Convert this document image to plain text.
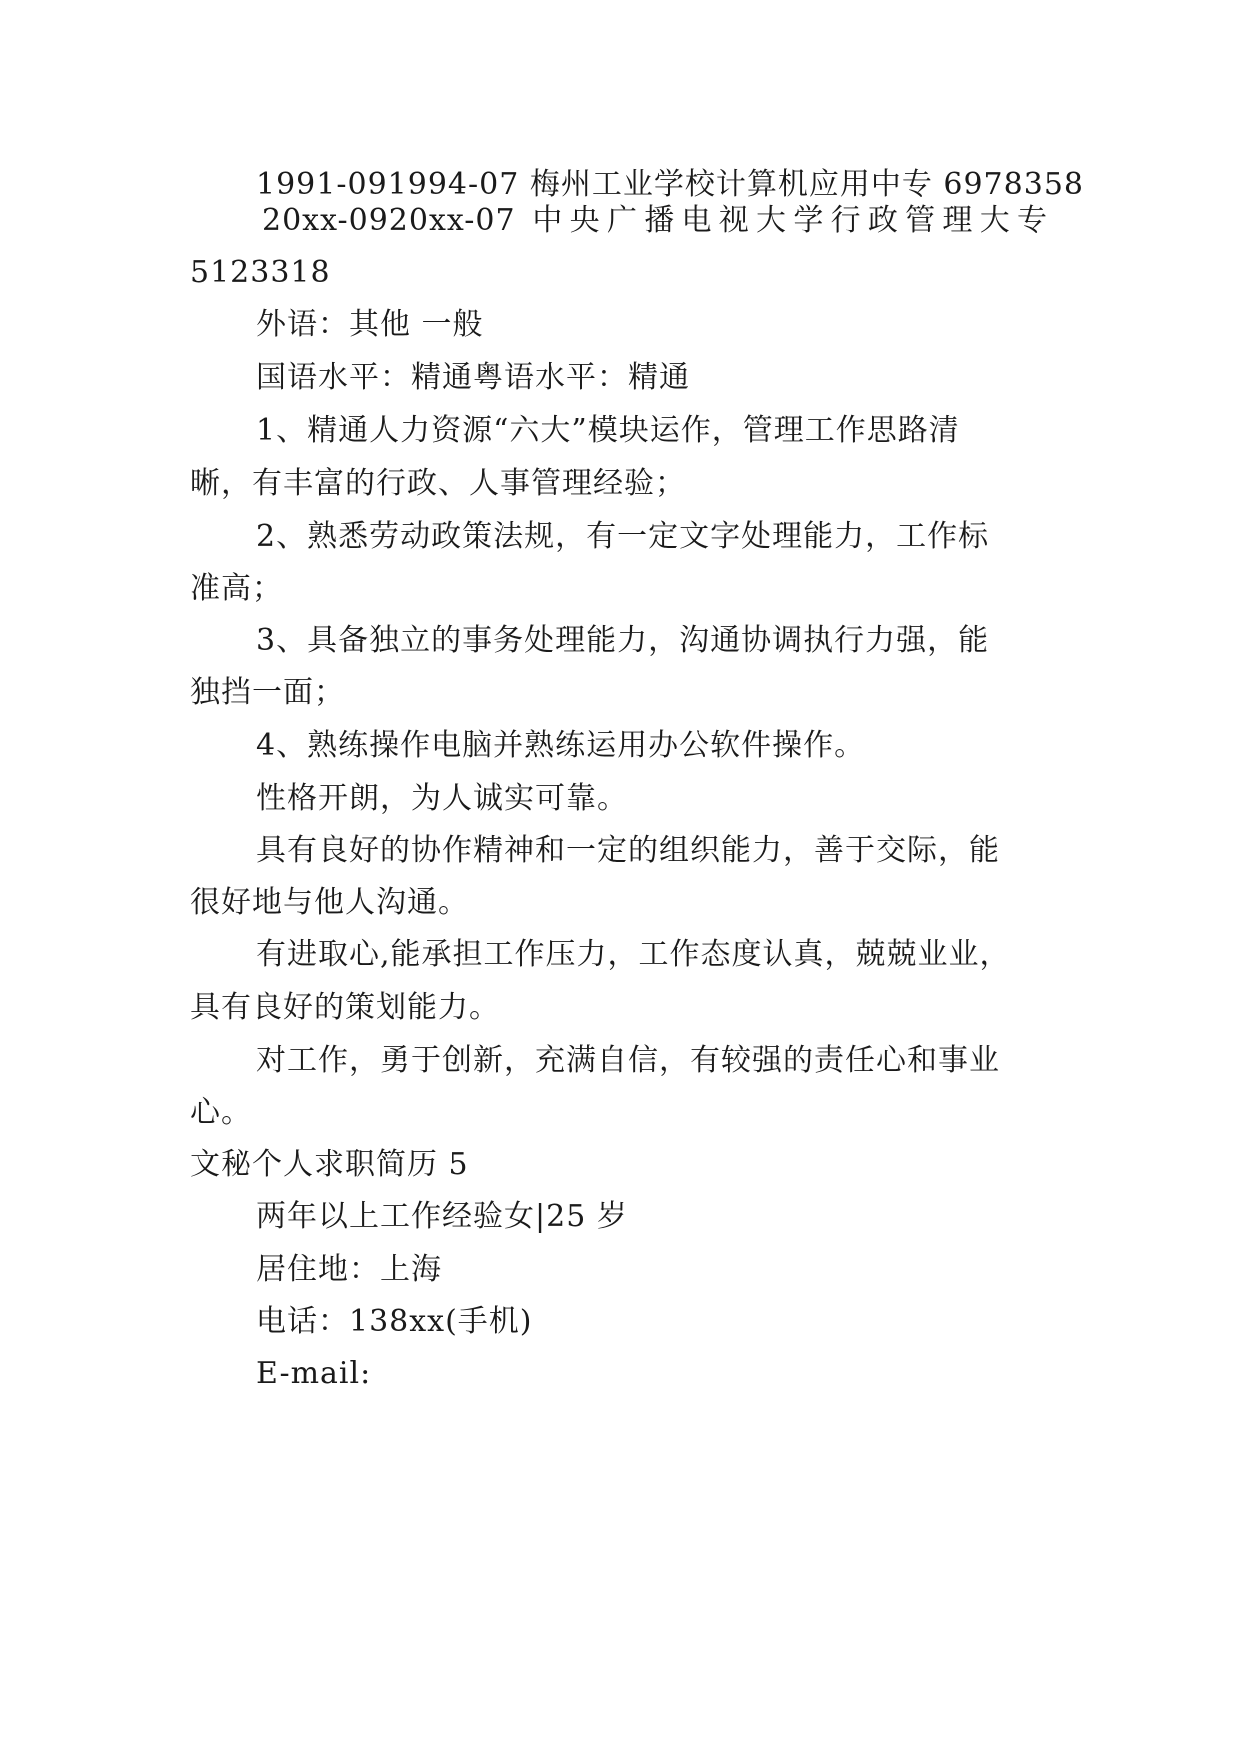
1991-091994-07 梅州工业学校计算机应用中专 6978358
20xx-0920xx-07 中央广播电视大学行政管理大专
5123318
外语：其他 一般
国语水平：精通粤语水平：精通
1、精通人力资源“六大”模块运作，管理工作思路清
晰，有丰富的行政、人事管理经验；
2、熟悉劳动政策法规，有一定文字处理能力，工作标
准高；
3、具备独立的事务处理能力，沟通协调执行力强，能
独挡一面；
4、熟练操作电脑并熟练运用办公软件操作。
性格开朗，为人诚实可靠。
具有良好的协作精神和一定的组织能力，善于交际，能
很好地与他人沟通。
有进取心,能承担工作压力，工作态度认真，兢兢业业，
具有良好的策划能力。
对工作，勇于创新，充满自信，有较强的责任心和事业
心。
文秘个人求职简历 5
两年以上工作经验女|25 岁
居住地：上海
电话：138xx(手机)
E-mail:
